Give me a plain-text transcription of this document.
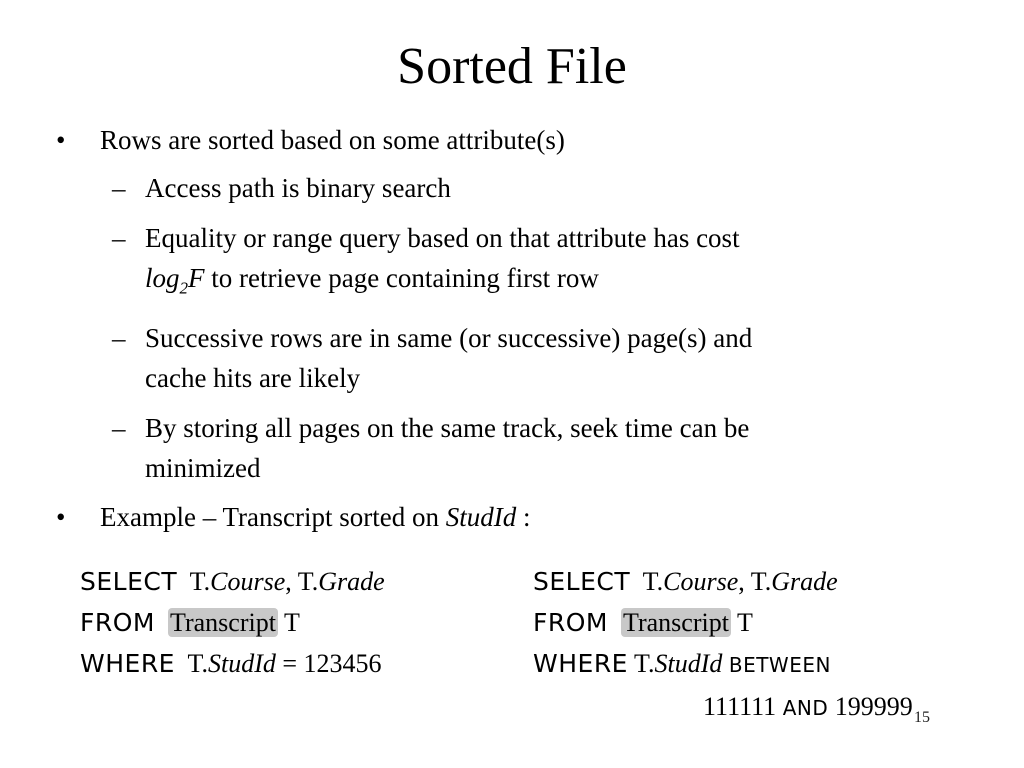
Sorted File
• Rows are sorted based on some attribute(s)
– Access path is binary search
– Equality or range query based on that attribute has cost
$\log_2F$ to retrieve page containing first row
– Successive rows are in same (or successive) page(s) and
cache hits are likely
– By storing all pages on the same track, seek time can be
minimized
• Example – Transcript sorted on StudId :
SELECT T.Course, T.Grade
FROM Transcript T
WHERE T.StudId = 123456
SELECT T.Course, T.Grade
FROM Transcript T
WHERE T.StudId BETWEEN
111111 AND 199999 15
